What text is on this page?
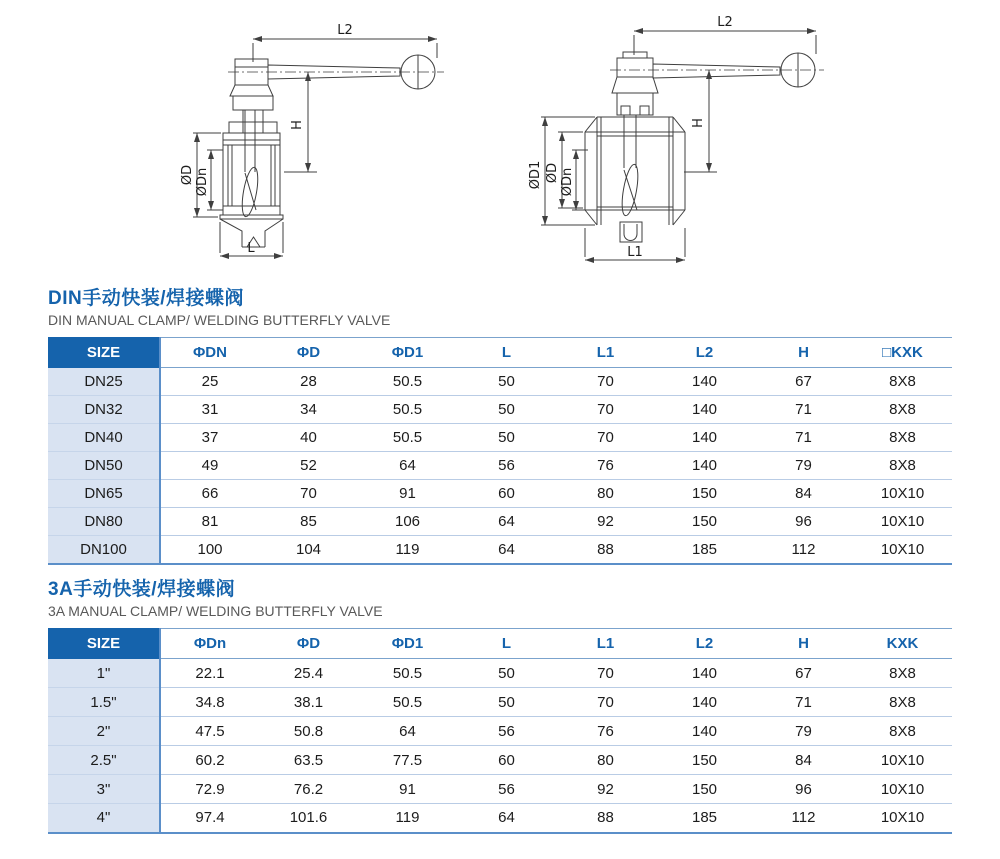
L2
H
ØD ØDn
L
L2
H
ØD1 ØD ØDn
L1
DIN手动快装/焊接蝶阀
DIN MANUAL CLAMP/ WELDING BUTTERFLY VALVE
SIZE	ΦDN	ΦD	ΦD1	L	L1	L2	H	□KXK
DN25	25	28	50.5	50	70	140	67	8X8
DN32	31	34	50.5	50	70	140	71	8X8
DN40	37	40	50.5	50	70	140	71	8X8
DN50	49	52	64	56	76	140	79	8X8
DN65	66	70	91	60	80	150	84	10X10
DN80	81	85	106	64	92	150	96	10X10
DN100	100	104	119	64	88	185	112	10X10
3A手动快装/焊接蝶阀
3A MANUAL CLAMP/ WELDING BUTTERFLY VALVE
SIZE	ΦDn	ΦD	ΦD1	L	L1	L2	H	KXK
1"	22.1	25.4	50.5	50	70	140	67	8X8
1.5"	34.8	38.1	50.5	50	70	140	71	8X8
2"	47.5	50.8	64	56	76	140	79	8X8
2.5"	60.2	63.5	77.5	60	80	150	84	10X10
3"	72.9	76.2	91	56	92	150	96	10X10
4"	97.4	101.6	119	64	88	185	112	10X10
